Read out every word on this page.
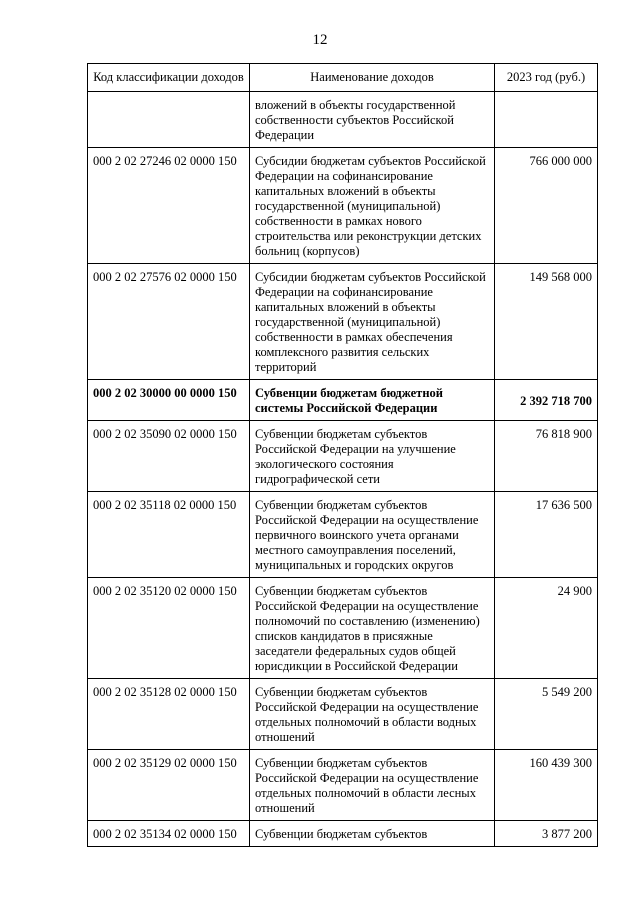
12
Код классификации доходов	Наименование доходов	2023 год (руб.)
	вложений в объекты государственной собственности субъектов Российской Федерации	
000 2 02 27246 02 0000 150	Субсидии бюджетам субъектов Российской Федерации на софинансирование капитальных вложений в объекты государственной (муниципальной) собственности в рамках нового строительства или реконструкции детских больниц (корпусов)	766 000 000
000 2 02 27576 02 0000 150	Субсидии бюджетам субъектов Российской Федерации на софинансирование капитальных вложений в объекты государственной (муниципальной) собственности в рамках обеспечения комплексного развития сельских территорий	149 568 000
000 2 02 30000 00 0000 150	Субвенции бюджетам бюджетной системы Российской Федерации	2 392 718 700
000 2 02 35090 02 0000 150	Субвенции бюджетам субъектов Российской Федерации на улучшение экологического состояния гидрографической сети	76 818 900
000 2 02 35118 02 0000 150	Субвенции бюджетам субъектов Российской Федерации на осуществление первичного воинского учета органами местного самоуправления поселений, муниципальных и городских округов	17 636 500
000 2 02 35120 02 0000 150	Субвенции бюджетам субъектов Российской Федерации на осуществление полномочий по составлению (изменению) списков кандидатов в присяжные заседатели федеральных судов общей юрисдикции в Российской Федерации	24 900
000 2 02 35128 02 0000 150	Субвенции бюджетам субъектов Российской Федерации на осуществление отдельных полномочий в области водных отношений	5 549 200
000 2 02 35129 02 0000 150	Субвенции бюджетам субъектов Российской Федерации на осуществление отдельных полномочий в области лесных отношений	160 439 300
000 2 02 35134 02 0000 150	Субвенции бюджетам субъектов	3 877 200
